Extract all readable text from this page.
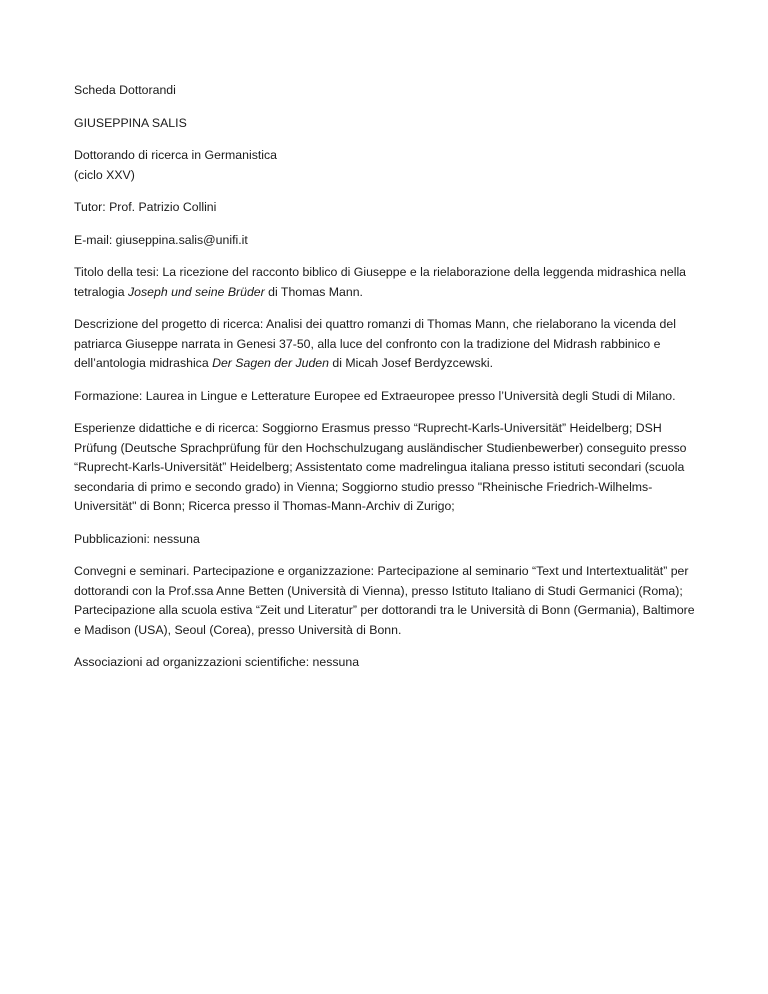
Scheda Dottorandi

GIUSEPPINA SALIS

Dottorando di ricerca in Germanistica
(ciclo XXV)

Tutor: Prof. Patrizio Collini

E-mail: giuseppina.salis@unifi.it

Titolo della tesi: La ricezione del racconto biblico di Giuseppe e la rielaborazione della leggenda midrashica nella tetralogia Joseph und seine Brüder di Thomas Mann.

Descrizione del progetto di ricerca: Analisi dei quattro romanzi di Thomas Mann, che rielaborano la vicenda del patriarca Giuseppe narrata in Genesi 37-50, alla luce del confronto con la tradizione del Midrash rabbinico e dell’antologia midrashica Der Sagen der Juden di Micah Josef Berdyzcewski.

Formazione: Laurea in Lingue e Letterature Europee ed Extraeuropee presso l’Università degli Studi di Milano.

Esperienze didattiche e di ricerca: Soggiorno Erasmus presso “Ruprecht-Karls-Universität” Heidelberg; DSH Prüfung (Deutsche Sprachprüfung für den Hochschulzugang ausländischer Studienbewerber) conseguito presso “Ruprecht-Karls-Universität” Heidelberg; Assistentato come madrelingua italiana presso istituti secondari (scuola secondaria di primo e secondo grado) in Vienna; Soggiorno studio presso "Rheinische Friedrich-Wilhelms-Universität" di Bonn; Ricerca presso il Thomas-Mann-Archiv di Zurigo;

Pubblicazioni: nessuna

Convegni e seminari. Partecipazione e organizzazione: Partecipazione al seminario “Text und Intertextualität” per dottorandi con la Prof.ssa Anne Betten (Università di Vienna), presso Istituto Italiano di Studi Germanici (Roma); Partecipazione alla scuola estiva “Zeit und Literatur” per dottorandi tra le Università di Bonn (Germania), Baltimore e Madison (USA), Seoul (Corea), presso Università di Bonn.

Associazioni ad organizzazioni scientifiche: nessuna
